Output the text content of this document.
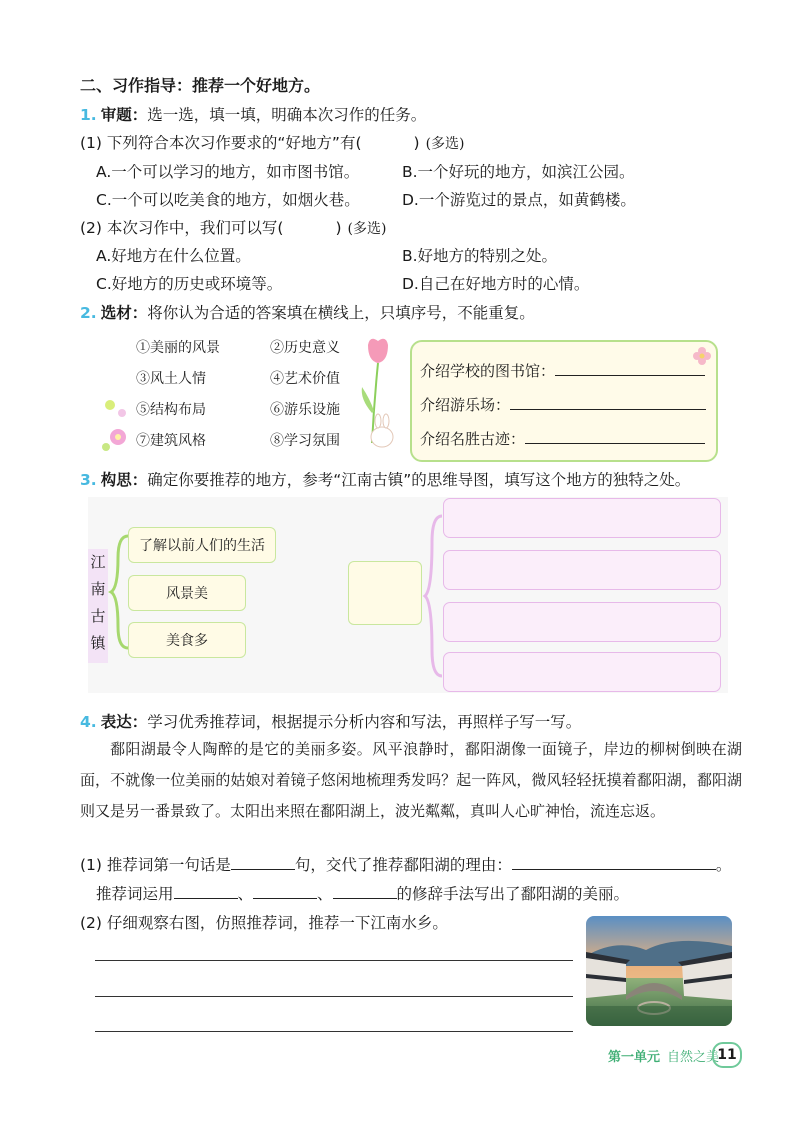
二、习作指导：推荐一个好地方。
1. 审题：选一选，填一填，明确本次习作的任务。
(1) 下列符合本次习作要求的“好地方”有(	) (多选)
A.一个可以学习的地方，如市图书馆。	B.一个好玩的地方，如滨江公园。
C.一个可以吃美食的地方，如烟火巷。	D.一个游览过的景点，如黄鹤楼。
(2) 本次习作中，我们可以写(	) (多选)
A.好地方在什么位置。	B.好地方的特别之处。
C.好地方的历史或环境等。	D.自己在好地方时的心情。
2. 选材：将你认为合适的答案填在横线上，只填序号，不能重复。
①美丽的风景	②历史意义
③风土人情	④艺术价值
⑤结构布局	⑥游乐设施
⑦建筑风格	⑧学习氛围
介绍学校的图书馆：
介绍游乐场：
介绍名胜古迹：
3. 构思：确定你要推荐的地方，参考“江南古镇”的思维导图，填写这个地方的独特之处。
江
南
古
镇
了解以前人们的生活
风景美
美食多
4. 表达：学习优秀推荐词，根据提示分析内容和写法，再照样子写一写。
鄱阳湖最令人陶醉的是它的美丽多姿。风平浪静时，鄱阳湖像一面镜子，岸边的柳树倒映在湖面，不就像一位美丽的姑娘对着镜子悠闲地梳理秀发吗？起一阵风，微风轻轻抚摸着鄱阳湖，鄱阳湖则又是另一番景致了。太阳出来照在鄱阳湖上，波光粼粼，真叫人心旷神怡，流连忘返。
(1) 推荐词第一句话是	句，交代了推荐鄱阳湖的理由：	。
推荐词运用	、	、	的修辞手法写出了鄱阳湖的美丽。
(2) 仔细观察右图，仿照推荐词，推荐一下江南水乡。
第一单元 自然之美
11
